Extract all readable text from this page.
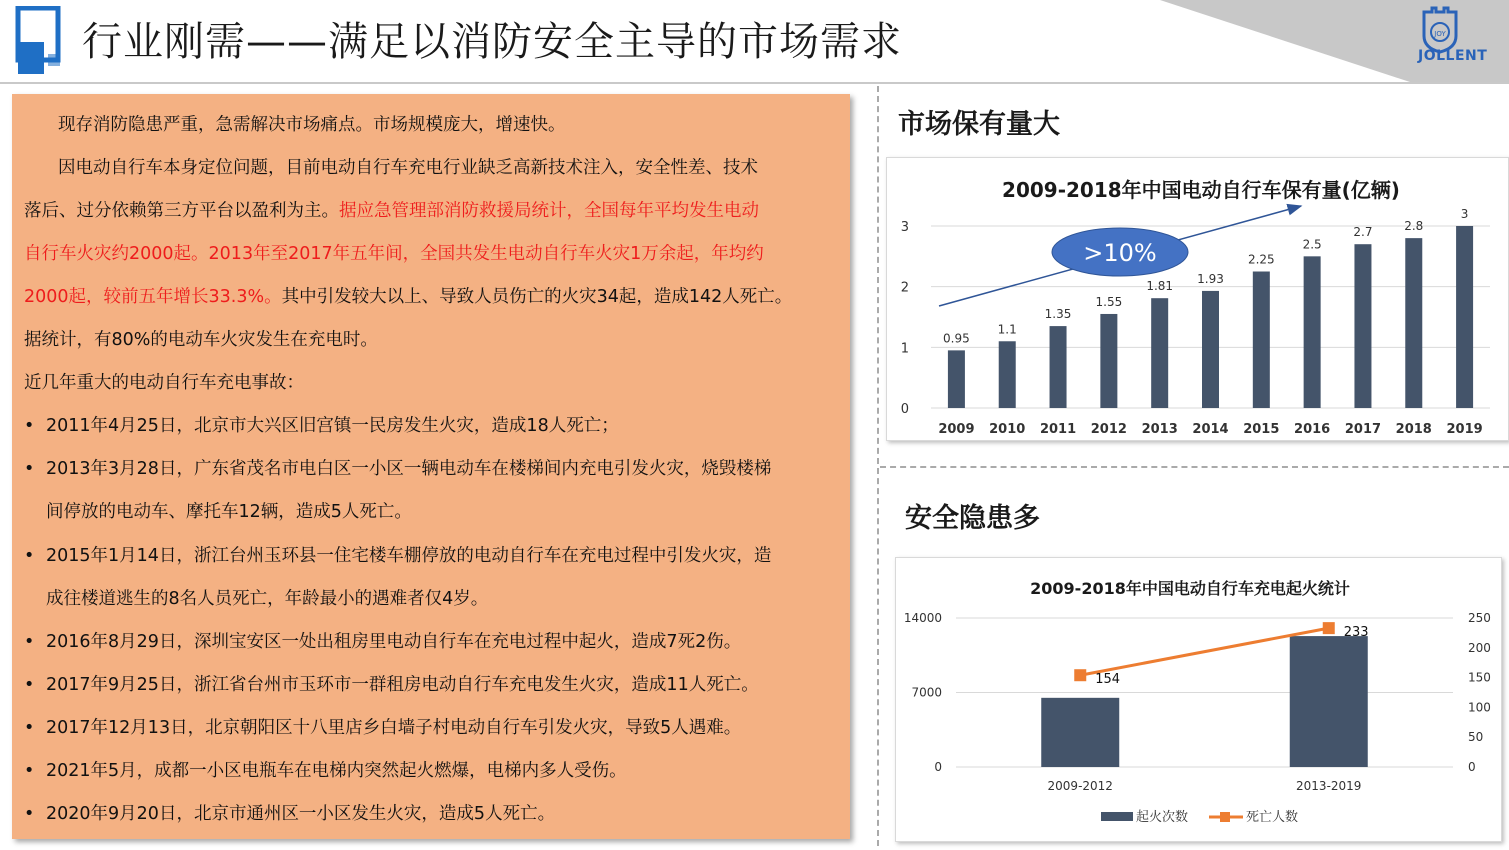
行业刚需——满足以消防安全主导的市场需求	JOY
JOLLENT
现存消防隐患严重，急需解决市场痛点。市场规模庞大，增速快。
因电动自行车本身定位问题，目前电动自行车充电行业缺乏高新技术注入，安全性差、技术
落后、过分依赖第三方平台以盈利为主。据应急管理部消防救援局统计，全国每年平均发生电动
自行车火灾约2000起。2013年至2017年五年间，全国共发生电动自行车火灾1万余起，年均约
2000起，较前五年增长33.3%。其中引发较大以上、导致人员伤亡的火灾34起，造成142人死亡。
据统计，有80%的电动车火灾发生在充电时。
近几年重大的电动自行车充电事故：
• 2011年4月25日，北京市大兴区旧宫镇一民房发生火灾，造成18人死亡；
• 2013年3月28日，广东省茂名市电白区一小区一辆电动车在楼梯间内充电引发火灾，烧毁楼梯
间停放的电动车、摩托车12辆，造成5人死亡。
• 2015年1月14日，浙江台州玉环县一住宅楼车棚停放的电动自行车在充电过程中引发火灾，造
成往楼道逃生的8名人员死亡，年龄最小的遇难者仅4岁。
• 2016年8月29日，深圳宝安区一处出租房里电动自行车在充电过程中起火，造成7死2伤。
• 2017年9月25日，浙江省台州市玉环市一群租房电动自行车充电发生火灾，造成11人死亡。
• 2017年12月13日，北京朝阳区十八里店乡白墙子村电动自行车引发火灾，导致5人遇难。
• 2021年5月，成都一小区电瓶车在电梯内突然起火燃爆，电梯内多人受伤。
• 2020年9月20日，北京市通州区一小区发生火灾，造成5人死亡。
市场保有量大
安全隐患多
2009-2018年中国电动自行车保有量(亿辆)
0
1
2
3
0.95
2009
1.1
2010
1.35
2011
1.55
2012
1.81
2013
1.93
2014
2.25
2015
2.5
2016
2.7
2017
2.8
2018
3
2019
>10%
2009-2018年中国电动自行车充电起火统计
0
7000
14000
0
50
100
150
200
250
2009-2012	2013-2019
154
233
起火次数	死亡人数
